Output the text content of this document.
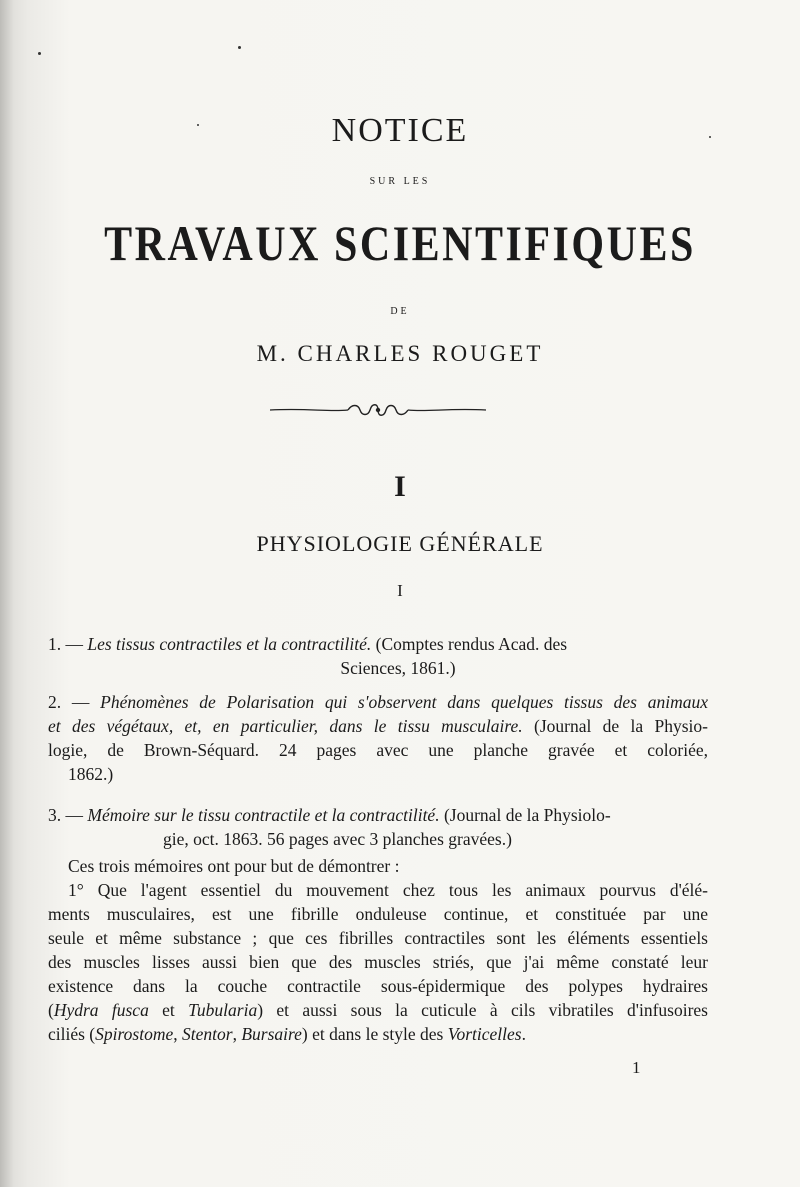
NOTICE
SUR LES
TRAVAUX SCIENTIFIQUES
DE
M. CHARLES ROUGET
I
PHYSIOLOGIE GÉNÉRALE
I
1. — Les tissus contractiles et la contractilité. (Comptes rendus Acad. des
Sciences, 1861.)
2. — Phénomènes de Polarisation qui s'observent dans quelques tissus des animaux
et des végétaux, et, en particulier, dans le tissu musculaire. (Journal de la Physio-
logie, de Brown-Séquard. 24 pages avec une planche gravée et coloriée,
1862.)
3. — Mémoire sur le tissu contractile et la contractilité. (Journal de la Physiolo-
gie, oct. 1863. 56 pages avec 3 planches gravées.)
Ces trois mémoires ont pour but de démontrer :
1° Que l'agent essentiel du mouvement chez tous les animaux pourvus d'élé-
ments musculaires, est une fibrille onduleuse continue, et constituée par une
seule et même substance ; que ces fibrilles contractiles sont les éléments essentiels
des muscles lisses aussi bien que des muscles striés, que j'ai même constaté leur
existence dans la couche contractile sous-épidermique des polypes hydraires
(Hydra fusca et Tubularia) et aussi sous la cuticule à cils vibratiles d'infusoires
ciliés (Spirostome, Stentor, Bursaire) et dans le style des Vorticelles.
1
